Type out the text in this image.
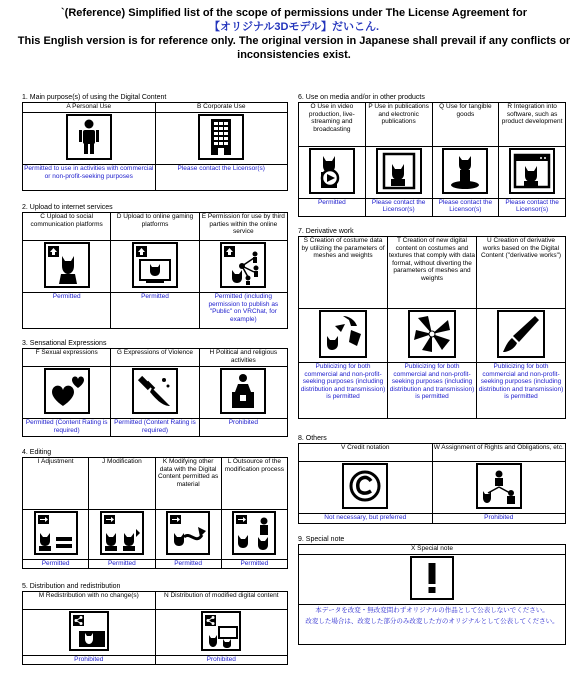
`(Reference) Simplified list of the scope of permissions under The License Agreement for
【オリジナル3Dモデル】だいこん.
This English version is for reference only. The original version in Japanese shall prevail if any conflicts or
inconsistencies exist.
1. Main purpose(s) of using the Digital Content
A Personal Use	B Corporate Use

Permitted to use in activities with commercial or non-profit-seeking purposes	Please contact the Licensor(s)
2. Upload to internet services
C Upload to social communication platforms	D Upload to online gaming platforms	E Permission for use by third parties within the online service

Permitted	Permitted	Permitted (including permission to publish as "Public" on VRChat, for example)
3. Sensational Expressions
F Sexual expressions	G Expressions of Violence	H Political and religious activities

Permitted (Content Rating is required)	Permitted (Content Rating is required)	Prohibited
4. Editing
I Adjustment	J Modification	K Modifying other data with the Digital Content permitted as material	L Outsource of the modification process

Permitted	Permitted	Permitted	Permitted
5. Distribution and redistribution
M Redistribution with no change(s)	N Distribution of modified digital content

Prohibited	Prohibited
6. Use on media and/or in other products
O Use in video production, live-streaming and broadcasting	P Use in publications and electronic publications	Q Use for tangible goods	R Integration into software, such as product development

Permitted	Please contact the Licensor(s)	Please contact the Licensor(s)	Please contact the Licensor(s)
7. Derivative work
S Creation of costume data by utilizing the parameters of meshes and weights	T Creation of new digital content on costumes and textures that comply with data format, without diverting the parameters of meshes and weights	U Creation of derivative works based on the Digital Content ("derivative works")

Publicizing for both commercial and non-profit-seeking purposes (including distribution and transmission) is permitted	Publicizing for both commercial and non-profit-seeking purposes (including distribution and transmission) is permitted	Publicizing for both commercial and non-profit-seeking purposes (including distribution and transmission) is permitted
8. Others
V Credit notation	W Assignment of Rights and Obligations, etc.

Not necessary, but preferred	Prohibited
9. Special note
X Special note

本データを改変・無改変問わずオリジナルの作品として公表しないでください。
改変した場合は、改変した部分のみ改変した方のオリジナルとして公表してください。
